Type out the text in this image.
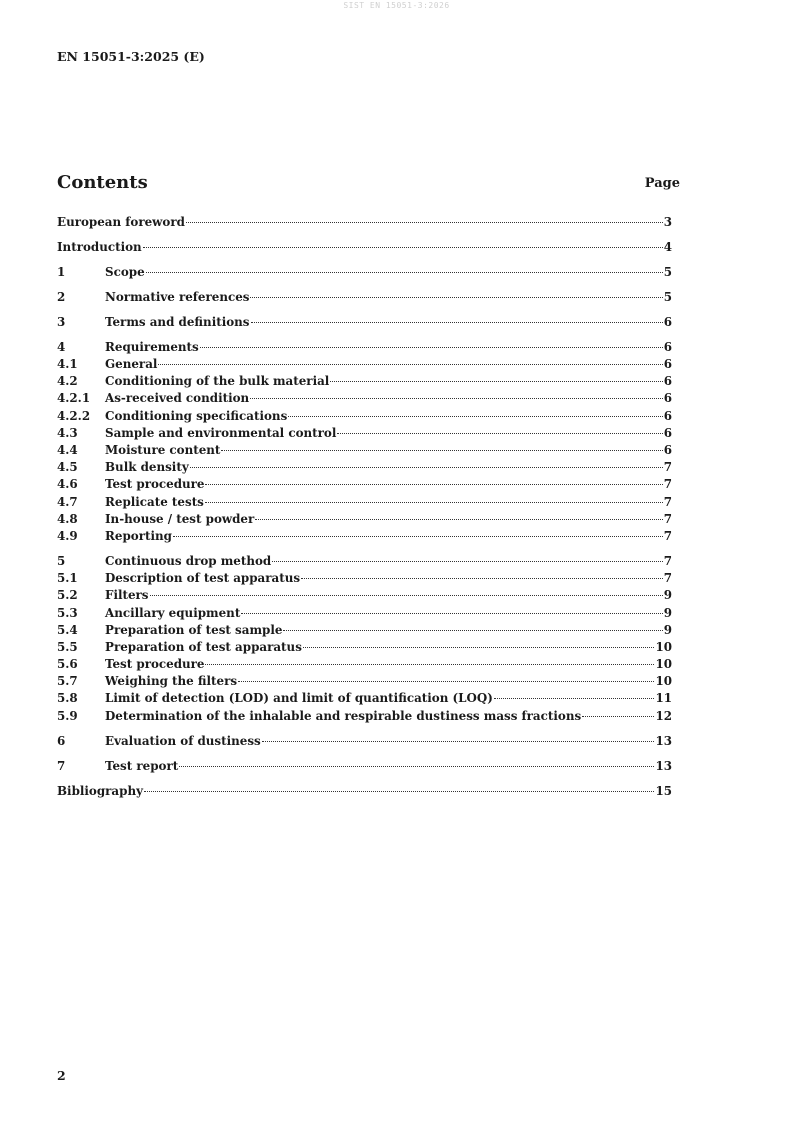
SIST EN 15051-3:2026
EN 15051-3:2025 (E)
Contents	Page
European foreword	3
Introduction	4
1	Scope	5
2	Normative references	5
3	Terms and definitions	6
4	Requirements	6
4.1	General	6
4.2	Conditioning of the bulk material	6
4.2.1	As-received condition	6
4.2.2	Conditioning specifications	6
4.3	Sample and environmental control	6
4.4	Moisture content	6
4.5	Bulk density	7
4.6	Test procedure	7
4.7	Replicate tests	7
4.8	In-house / test powder	7
4.9	Reporting	7
5	Continuous drop method	7
5.1	Description of test apparatus	7
5.2	Filters	9
5.3	Ancillary equipment	9
5.4	Preparation of test sample	9
5.5	Preparation of test apparatus	10
5.6	Test procedure	10
5.7	Weighing the filters	10
5.8	Limit of detection (LOD) and limit of quantification (LOQ)	11
5.9	Determination of the inhalable and respirable dustiness mass fractions	12
6	Evaluation of dustiness	13
7	Test report	13
Bibliography	15
2
